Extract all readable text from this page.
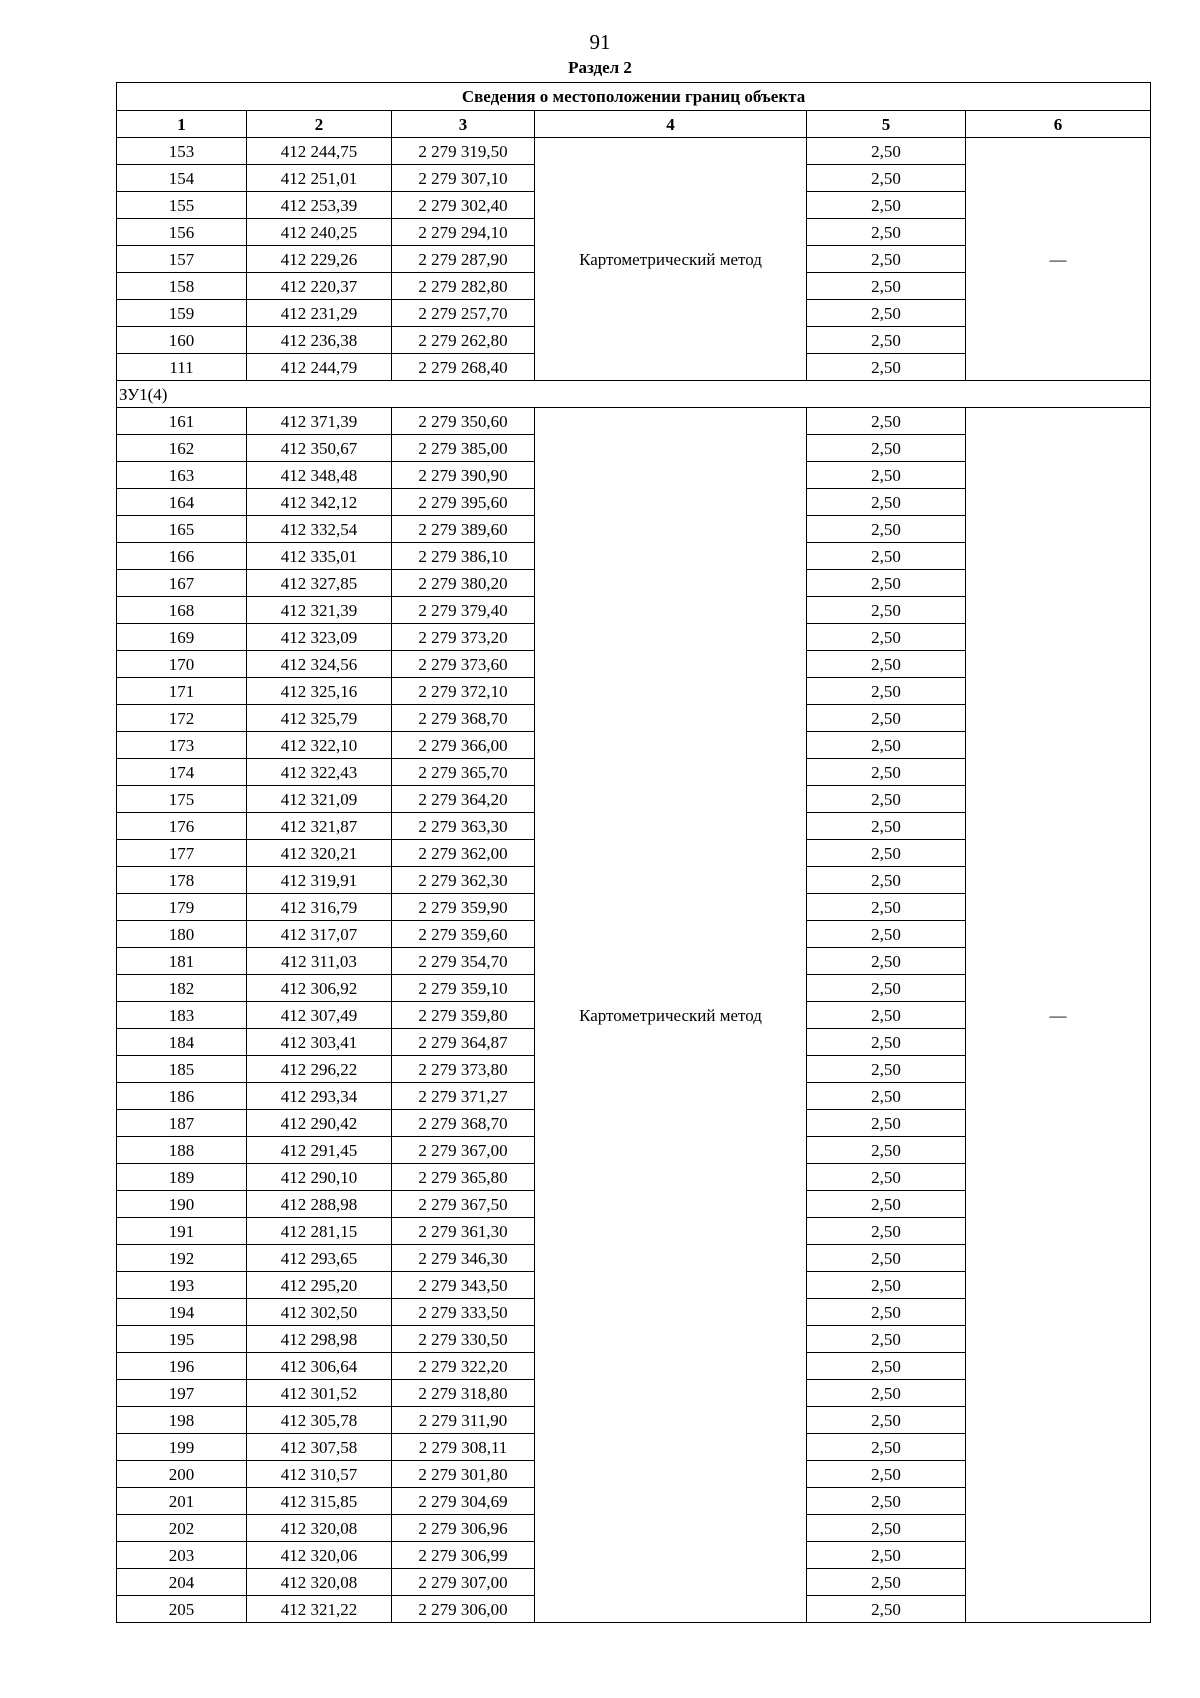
91
Раздел 2
Сведения о местоположении границ объекта					
1	2	3	4	5	6
153	412 244,75	2 279 319,50	Картометрический метод	2,50	—
154	412 251,01	2 279 307,10		2,50	
155	412 253,39	2 279 302,40		2,50	
156	412 240,25	2 279 294,10		2,50	
157	412 229,26	2 279 287,90		2,50	
158	412 220,37	2 279 282,80		2,50	
159	412 231,29	2 279 257,70		2,50	
160	412 236,38	2 279 262,80		2,50	
111	412 244,79	2 279 268,40		2,50	
ЗУ1(4)					
161	412 371,39	2 279 350,60	Картометрический метод	2,50	—
162	412 350,67	2 279 385,00		2,50	
163	412 348,48	2 279 390,90		2,50	
164	412 342,12	2 279 395,60		2,50	
165	412 332,54	2 279 389,60		2,50	
166	412 335,01	2 279 386,10		2,50	
167	412 327,85	2 279 380,20		2,50	
168	412 321,39	2 279 379,40		2,50	
169	412 323,09	2 279 373,20		2,50	
170	412 324,56	2 279 373,60		2,50	
171	412 325,16	2 279 372,10		2,50	
172	412 325,79	2 279 368,70		2,50	
173	412 322,10	2 279 366,00		2,50	
174	412 322,43	2 279 365,70		2,50	
175	412 321,09	2 279 364,20		2,50	
176	412 321,87	2 279 363,30		2,50	
177	412 320,21	2 279 362,00		2,50	
178	412 319,91	2 279 362,30		2,50	
179	412 316,79	2 279 359,90		2,50	
180	412 317,07	2 279 359,60		2,50	
181	412 311,03	2 279 354,70		2,50	
182	412 306,92	2 279 359,10		2,50	
183	412 307,49	2 279 359,80		2,50	
184	412 303,41	2 279 364,87		2,50	
185	412 296,22	2 279 373,80		2,50	
186	412 293,34	2 279 371,27		2,50	
187	412 290,42	2 279 368,70		2,50	
188	412 291,45	2 279 367,00		2,50	
189	412 290,10	2 279 365,80		2,50	
190	412 288,98	2 279 367,50		2,50	
191	412 281,15	2 279 361,30		2,50	
192	412 293,65	2 279 346,30		2,50	
193	412 295,20	2 279 343,50		2,50	
194	412 302,50	2 279 333,50		2,50	
195	412 298,98	2 279 330,50		2,50	
196	412 306,64	2 279 322,20		2,50	
197	412 301,52	2 279 318,80		2,50	
198	412 305,78	2 279 311,90		2,50	
199	412 307,58	2 279 308,11		2,50	
200	412 310,57	2 279 301,80		2,50	
201	412 315,85	2 279 304,69		2,50	
202	412 320,08	2 279 306,96		2,50	
203	412 320,06	2 279 306,99		2,50	
204	412 320,08	2 279 307,00		2,50	
205	412 321,22	2 279 306,00		2,50	
